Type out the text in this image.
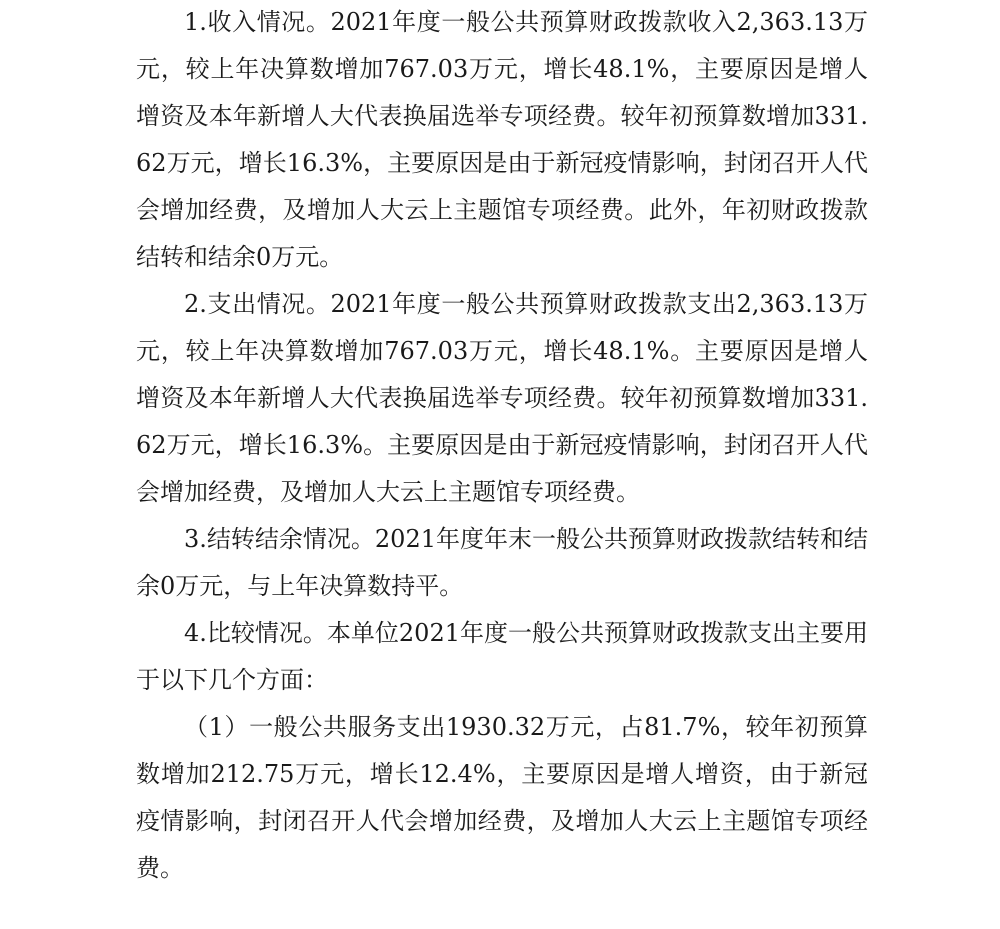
1.收入情况。2021年度一般公共预算财政拨款收入2,363.13万元，较上年决算数增加767.03万元，增长48.1%，主要原因是增人增资及本年新增人大代表换届选举专项经费。较年初预算数增加331.62万元，增长16.3%，主要原因是由于新冠疫情影响，封闭召开人代会增加经费，及增加人大云上主题馆专项经费。此外，年初财政拨款结转和结余0万元。

2.支出情况。2021年度一般公共预算财政拨款支出2,363.13万元，较上年决算数增加767.03万元，增长48.1%。主要原因是增人增资及本年新增人大代表换届选举专项经费。较年初预算数增加331.62万元，增长16.3%。主要原因是由于新冠疫情影响，封闭召开人代会增加经费，及增加人大云上主题馆专项经费。

3.结转结余情况。2021年度年末一般公共预算财政拨款结转和结余0万元，与上年决算数持平。

4.比较情况。本单位2021年度一般公共预算财政拨款支出主要用于以下几个方面：

（1）一般公共服务支出1930.32万元，占81.7%，较年初预算数增加212.75万元，增长12.4%，主要原因是增人增资，由于新冠疫情影响，封闭召开人代会增加经费，及增加人大云上主题馆专项经费。
